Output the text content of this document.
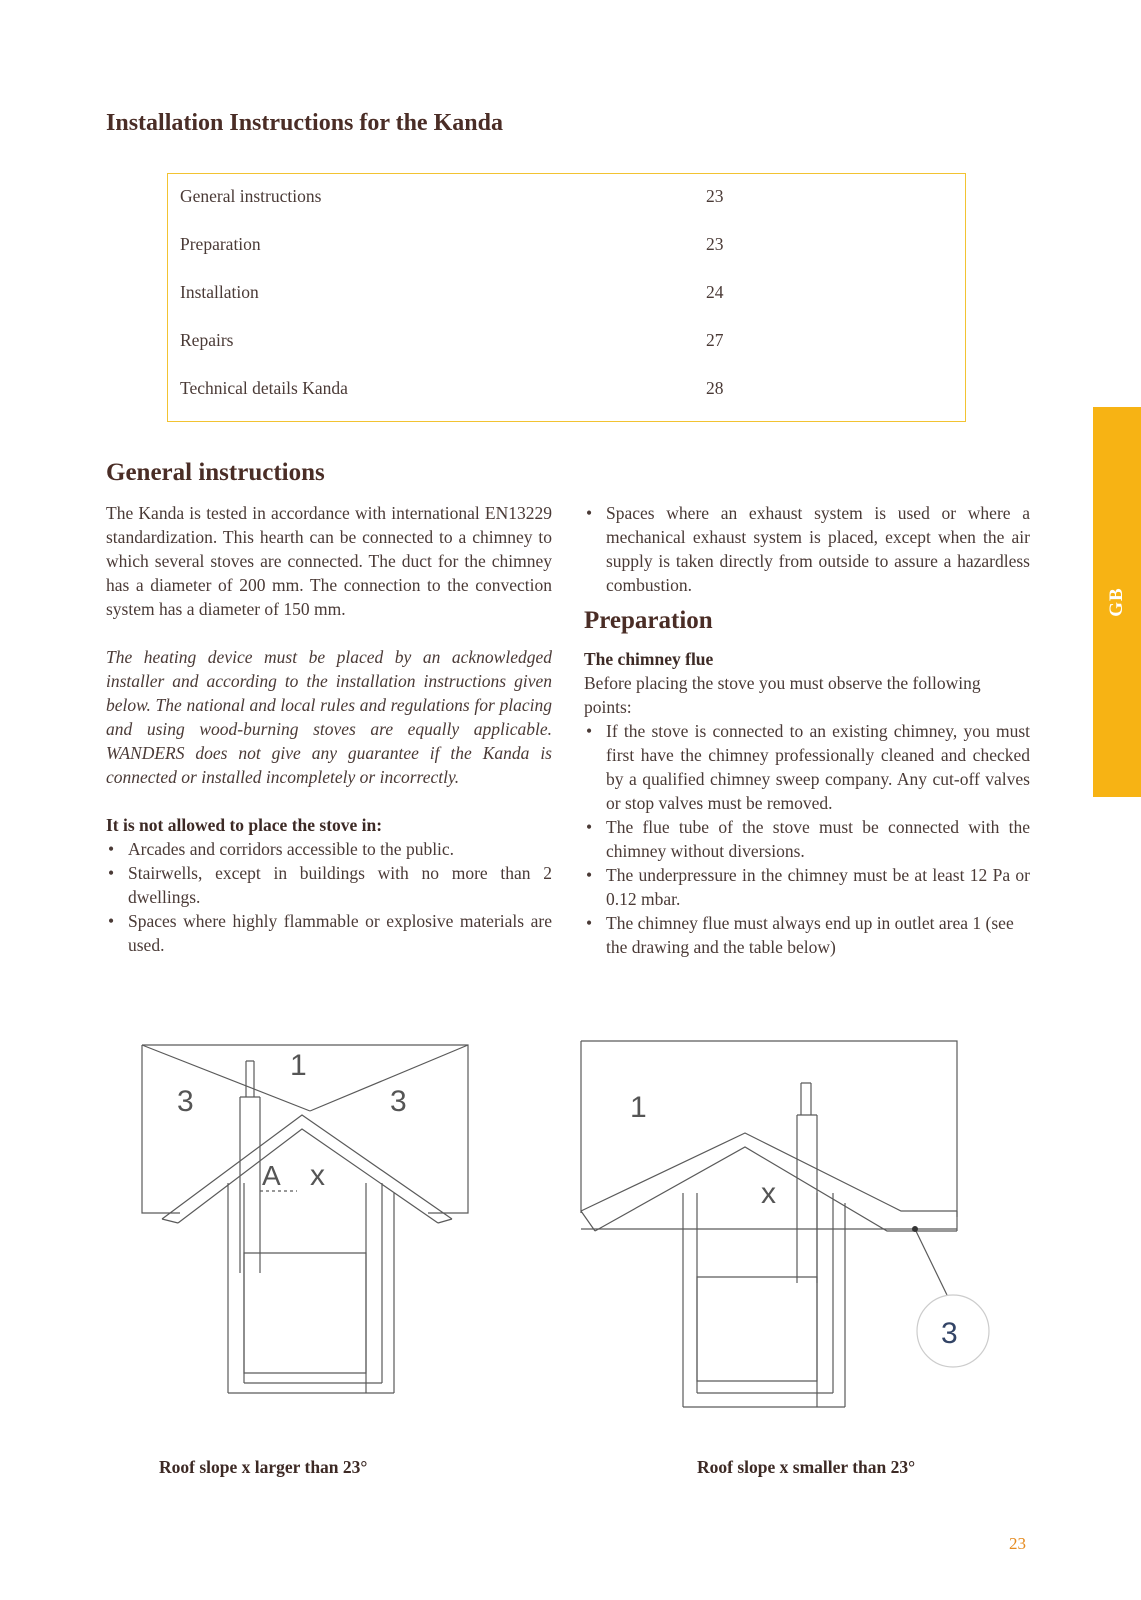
Installation Instructions for the Kanda
General instructions	23
Preparation	23
Installation	24
Repairs	27
Technical details Kanda	28
General instructions

The Kanda is tested in accordance with international EN13229 standardization. This hearth can be connected to a chimney to which several stoves are connected. The duct for the chimney has a diameter of 200 mm. The connection to the convection system has a diameter of 150 mm.

The heating device must be placed by an acknowledged installer and according to the installation instructions given below. The national and local rules and regulations for placing and using wood-burning stoves are equally applicable. WANDERS does not give any guarantee if the Kanda is connected or installed incompletely or incorrectly.

It is not allowed to place the stove in:

• Arcades and corridors accessible to the public.
• Stairwells, except in buildings with no more than 2 dwellings.
• Spaces where highly flammable or explosive materials are used.
• Spaces where an exhaust system is used or where a mechanical exhaust system is placed, except when the air supply is taken directly from outside to assure a hazardless combustion.
Preparation

The chimney flue

Before placing the stove you must observe the following points:

• If the stove is connected to an existing chimney, you must first have the chimney professionally cleaned and checked by a qualified chimney sweep company. Any cut-off valves or stop valves must be removed.
• The flue tube of the stove must be connected with the chimney without diversions.
• The underpressure in the chimney must be at least 12 Pa or 0.12 mbar.
• The chimney flue must always end up in outlet area 1 (see the drawing and the table below)
GB
3	3
1
A x
1
x
3
Roof slope x larger than 23°	Roof slope x smaller than 23°
23
